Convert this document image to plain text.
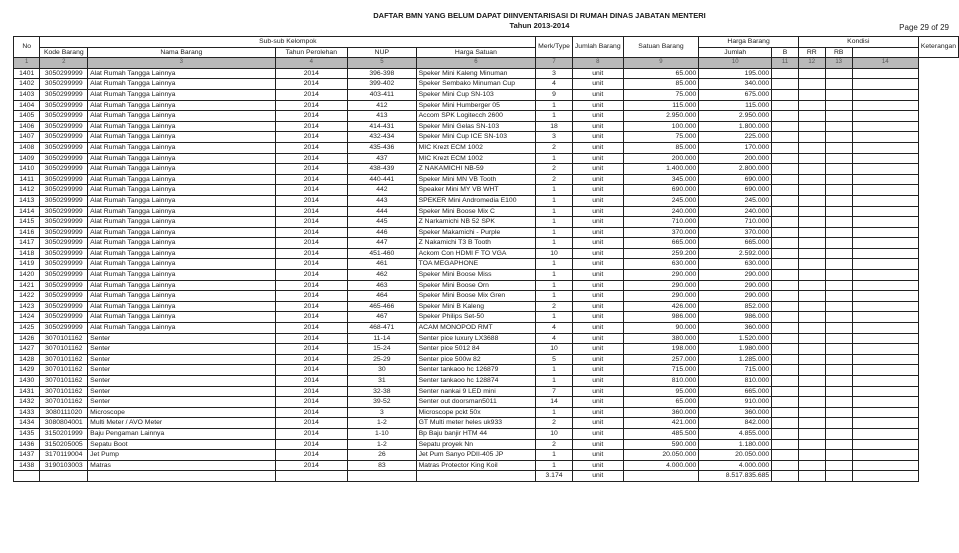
DAFTAR BMN YANG BELUM DAPAT DIINVENTARISASI DI RUMAH DINAS JABATAN MENTERI
Tahun 2013-2014	Page 29 of 29
No	Sub-sub Kelompok					Merk/Type	Jumlah Barang	Satuan Barang	Harga Barang		Kondisi			Keterangan
	Kode Barang	Nama Barang	Tahun Perolehan	NUP	Harga Satuan				Jumlah	B	RR	RB		
1	2	3	4	5	6	7	8	9	10	11	12	13	14	
1401	3050299999	Alat Rumah Tangga Lainnya	2014	396-398	Speker Mini Kaleng Minuman	3	unit	65.000	195.000					
1402	3050299999	Alat Rumah Tangga Lainnya	2014	399-402	Speker Sembako Minuman Cup	4	unit	85.000	340.000					
1403	3050299999	Alat Rumah Tangga Lainnya	2014	403-411	Speker Mini Cup SN-103	9	unit	75.000	675.000					
1404	3050299999	Alat Rumah Tangga Lainnya	2014	412	Speker Mini Humberger 05	1	unit	115.000	115.000					
1405	3050299999	Alat Rumah Tangga Lainnya	2014	413	Accom SPK Logitecch 2600	1	unit	2.950.000	2.950.000					
1406	3050299999	Alat Rumah Tangga Lainnya	2014	414-431	Speker Mini Gelas SN-103	18	unit	100.000	1.800.000					
1407	3050299999	Alat Rumah Tangga Lainnya	2014	432-434	Speker Mini Cup ICE SN-103	3	unit	75.000	225.000					
1408	3050299999	Alat Rumah Tangga Lainnya	2014	435-436	MIC Krezt ECM 1002	2	unit	85.000	170.000					
1409	3050299999	Alat Rumah Tangga Lainnya	2014	437	MIC Krezt ECM 1002	1	unit	200.000	200.000					
1410	3050299999	Alat Rumah Tangga Lainnya	2014	438-439	Z NAKAMICHI NB-59	2	unit	1.400.000	2.800.000					
1411	3050299999	Alat Rumah Tangga Lainnya	2014	440-441	Speker Mini MN VB Tooth	2	unit	345.000	690.000					
1412	3050299999	Alat Rumah Tangga Lainnya	2014	442	Speaker Mini MY VB WHT	1	unit	690.000	690.000					
1413	3050299999	Alat Rumah Tangga Lainnya	2014	443	SPEKER Mini Andromedia E100	1	unit	245.000	245.000					
1414	3050299999	Alat Rumah Tangga Lainnya	2014	444	Speker Mini Boose Mix C	1	unit	240.000	240.000					
1415	3050299999	Alat Rumah Tangga Lainnya	2014	445	Z Narkamichi NB 52 SPK	1	unit	710.000	710.000					
1416	3050299999	Alat Rumah Tangga Lainnya	2014	446	Speker Makamichi - Purple	1	unit	370.000	370.000					
1417	3050299999	Alat Rumah Tangga Lainnya	2014	447	Z Nakamichi T3 B Tooth	1	unit	665.000	665.000					
1418	3050299999	Alat Rumah Tangga Lainnya	2014	451-460	Ackom Con HDMI F TO VGA	10	unit	259.200	2.592.000					
1419	3050299999	Alat Rumah Tangga Lainnya	2014	461	TOA MEGAPHONE	1	unit	630.000	630.000					
1420	3050299999	Alat Rumah Tangga Lainnya	2014	462	Speker Mini Boose Miss	1	unit	290.000	290.000					
1421	3050299999	Alat Rumah Tangga Lainnya	2014	463	Speker Mini Boose Orn	1	unit	290.000	290.000					
1422	3050299999	Alat Rumah Tangga Lainnya	2014	464	Speker Mini Boose Mix Gren	1	unit	290.000	290.000					
1423	3050299999	Alat Rumah Tangga Lainnya	2014	465-466	Speker Mini B Kaleng	2	unit	426.000	852.000					
1424	3050299999	Alat Rumah Tangga Lainnya	2014	467	Speker Philips Set-50	1	unit	986.000	986.000					
1425	3050299999	Alat Rumah Tangga Lainnya	2014	468-471	ACAM MONOPOD RMT	4	unit	90.000	360.000					
1426	3070101162	Senter	2014	11-14	Senter pice luxury LX3688	4	unit	380.000	1.520.000					
1427	3070101162	Senter	2014	15-24	Senter pice 5012 84	10	unit	198.000	1.980.000					
1428	3070101162	Senter	2014	25-29	Senter pice 500w 82	5	unit	257.000	1.285.000					
1429	3070101162	Senter	2014	30	Senter tankaoo hc 126879	1	unit	715.000	715.000					
1430	3070101162	Senter	2014	31	Senter tankaoo hc 128874	1	unit	810.000	810.000					
1431	3070101162	Senter	2014	32-38	Senter nankai 9 LED mini	7	unit	95.000	665.000					
1432	3070101162	Senter	2014	39-52	Senter out doorsman5011	14	unit	65.000	910.000					
1433	3080111020	Microscope	2014	3	Microscope pckt 50x	1	unit	360.000	360.000					
1434	3080804001	Multi Meter / AVO Meter	2014	1-2	GT Multi meter heles uk933	2	unit	421.000	842.000					
1435	3150201999	Baju Pengaman Lainnya	2014	1-10	Bp Baju banjir HTM 44	10	unit	485.500	4.855.000					
1436	3150205005	Sepatu Boot	2014	1-2	Sepatu proyek Nn	2	unit	590.000	1.180.000					
1437	3170119004	Jet Pump	2014	26	Jet Pum Sanyo PDII-405 JP	1	unit	20.050.000	20.050.000					
1438	3190103003	Matras	2014	83	Matras Protector King Koil	1	unit	4.000.000	4.000.000					
						3.174	unit		8.517.835.685					
